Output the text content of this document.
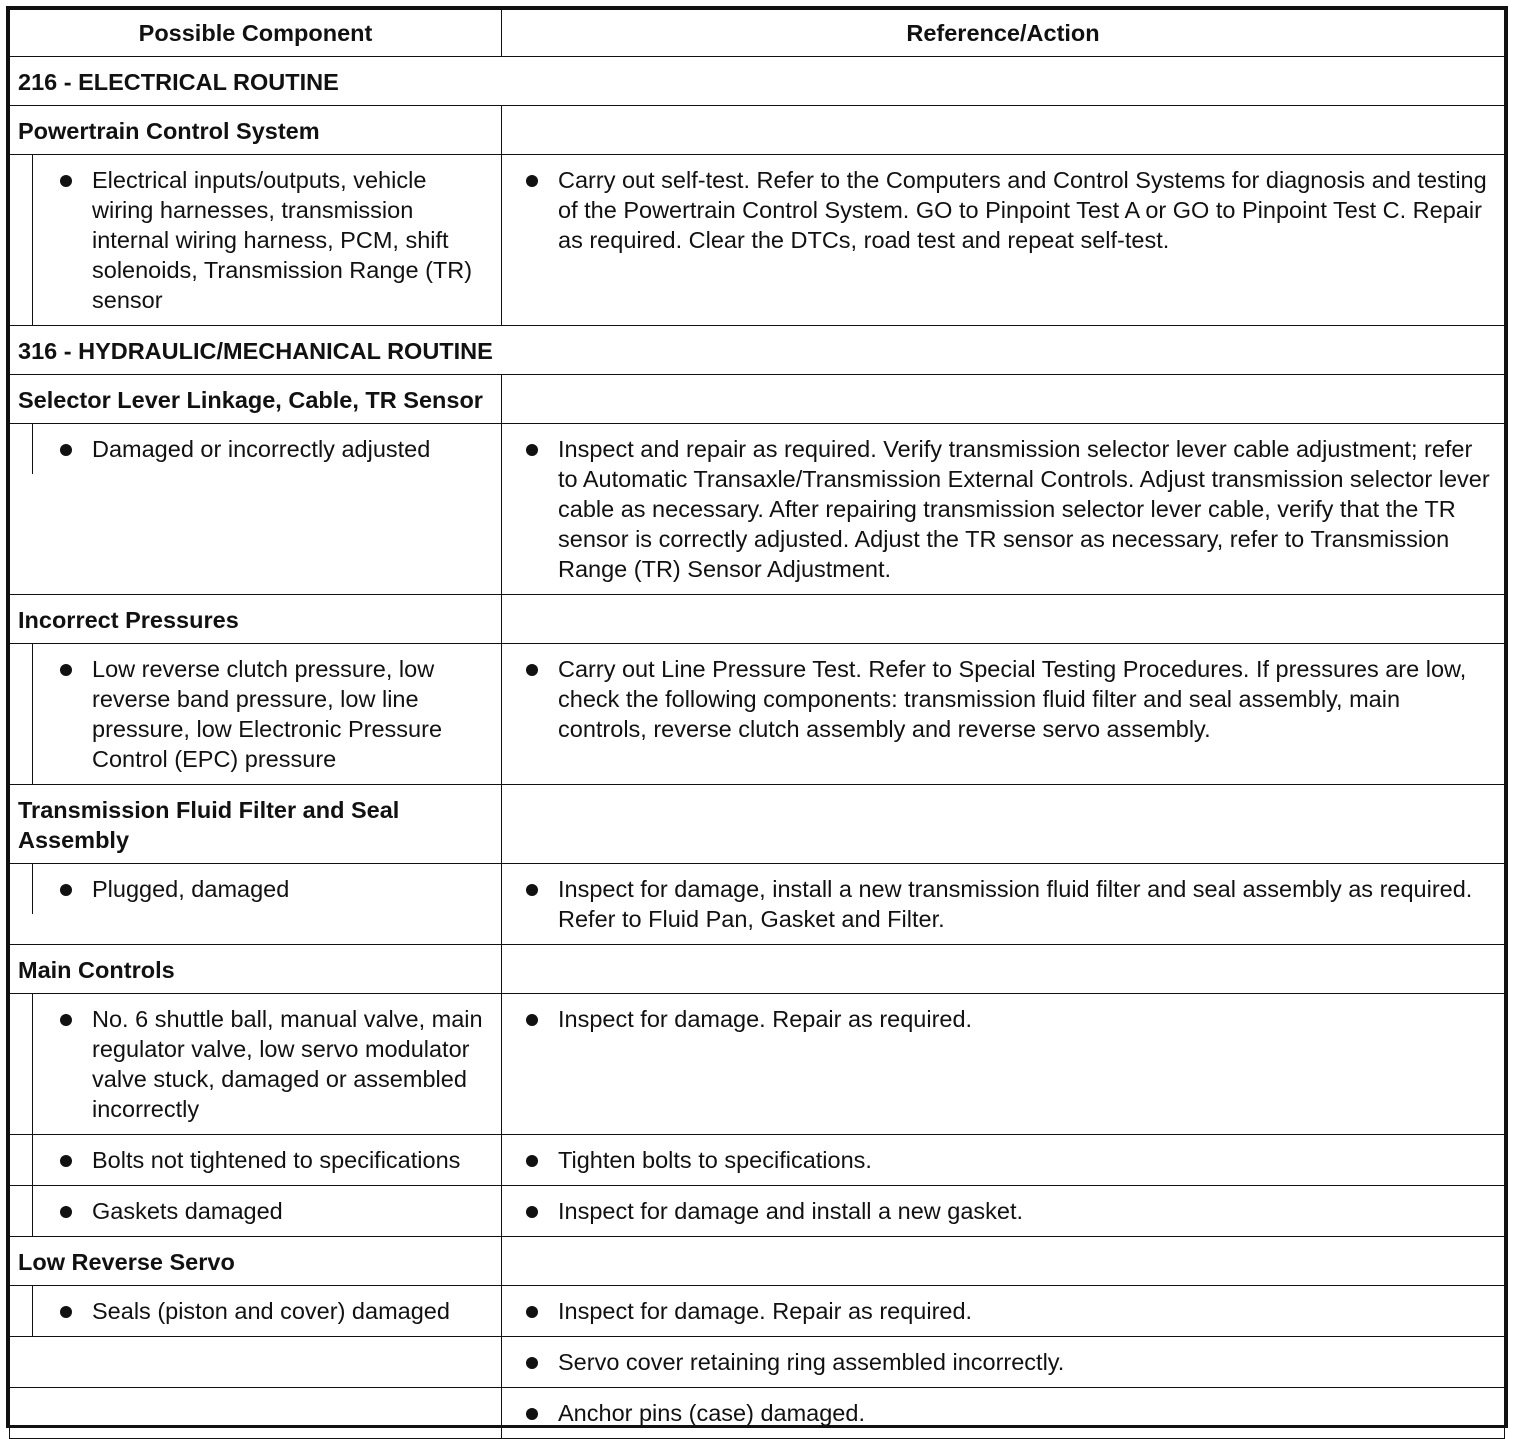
Possible Component	Reference/Action
216 - ELECTRICAL ROUTINE	
Powertrain Control System	

Electrical inputs/outputs, vehicle wiring harnesses, transmission internal wiring harness, PCM, shift solenoids, Transmission Range (TR) sensor	Carry out self-test. Refer to the Computers and Control Systems for diagnosis and testing of the Powertrain Control System. GO to Pinpoint Test A or GO to Pinpoint Test C. Repair as required. Clear the DTCs, road test and repeat self-test.

316 - HYDRAULIC/MECHANICAL ROUTINE	
Selector Lever Linkage, Cable, TR Sensor	

Damaged or incorrectly adjusted	Inspect and repair as required. Verify transmission selector lever cable adjustment; refer to Automatic Transaxle/Transmission External Controls. Adjust transmission selector lever cable as necessary. After repairing transmission selector lever cable, verify that the TR sensor is correctly adjusted. Adjust the TR sensor as necessary, refer to Transmission Range (TR) Sensor Adjustment.

Incorrect Pressures	

Low reverse clutch pressure, low reverse band pressure, low line pressure, low Electronic Pressure Control (EPC) pressure	Carry out Line Pressure Test. Refer to Special Testing Procedures. If pressures are low, check the following components: transmission fluid filter and seal assembly, main controls, reverse clutch assembly and reverse servo assembly.

Transmission Fluid Filter and Seal Assembly	

Plugged, damaged	Inspect for damage, install a new transmission fluid filter and seal assembly as required. Refer to Fluid Pan, Gasket and Filter.

Main Controls	

No. 6 shuttle ball, manual valve, main regulator valve, low servo modulator valve stuck, damaged or assembled incorrectly	Inspect for damage. Repair as required.

Bolts not tightened to specifications	Tighten bolts to specifications.

Gaskets damaged	Inspect for damage and install a new gasket.

Low Reverse Servo	

Seals (piston and cover) damaged	Inspect for damage. Repair as required.

	Servo cover retaining ring assembled incorrectly.

	Anchor pins (case) damaged.
